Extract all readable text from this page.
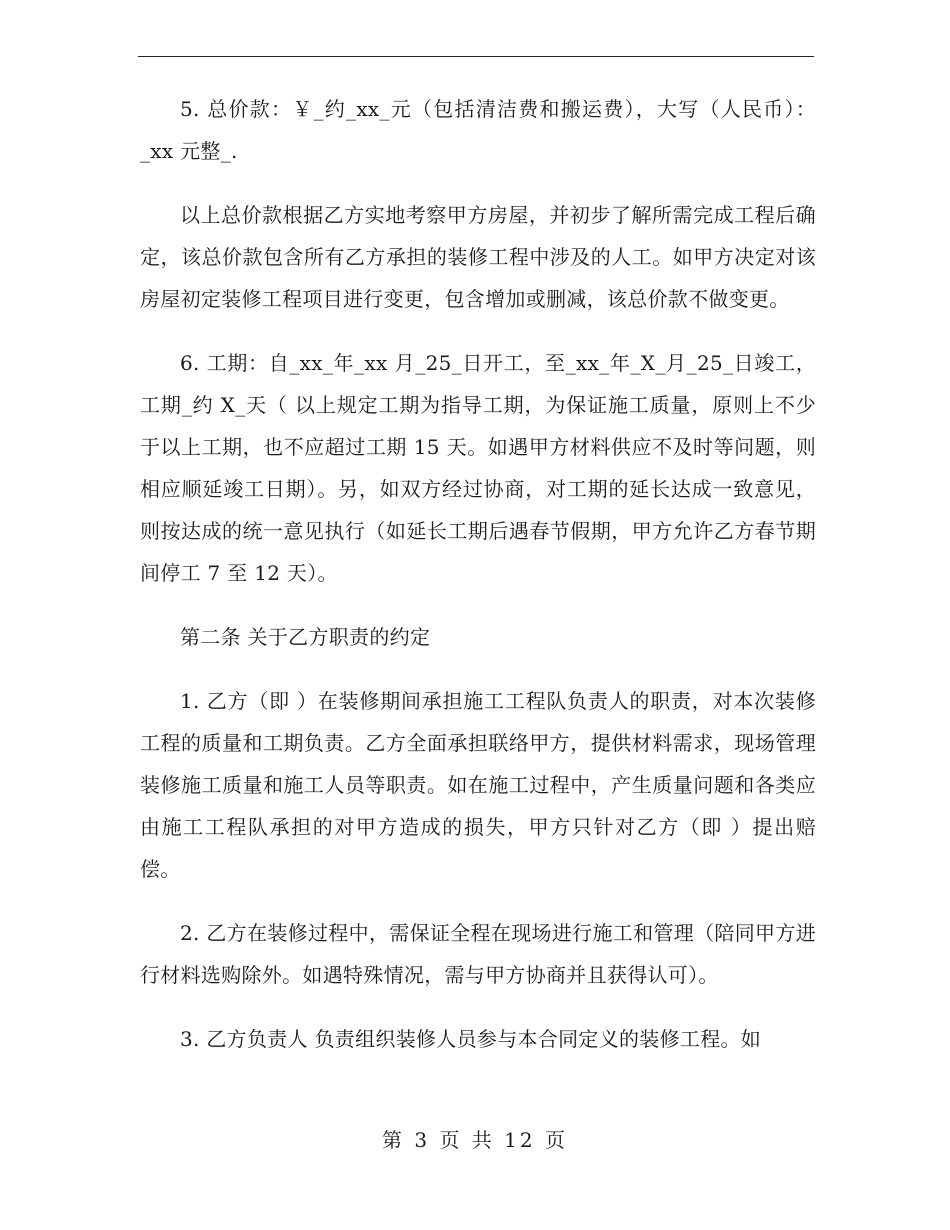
5. 总价款：￥_约_xx_元（包括清洁费和搬运费），大写（人民币）：_xx 元整_.

以上总价款根据乙方实地考察甲方房屋，并初步了解所需完成工程后确定，该总价款包含所有乙方承担的装修工程中涉及的人工。如甲方决定对该房屋初定装修工程项目进行变更，包含增加或删减，该总价款不做变更。

6. 工期：自_xx_年_xx 月_25_日开工，至_xx_年_X_月_25_日竣工，工期_约 X_天（ 以上规定工期为指导工期，为保证施工质量，原则上不少于以上工期，也不应超过工期 15 天。如遇甲方材料供应不及时等问题，则相应顺延竣工日期）。另，如双方经过协商，对工期的延长达成一致意见，则按达成的统一意见执行（如延长工期后遇春节假期，甲方允许乙方春节期间停工 7 至 12 天）。

第二条 关于乙方职责的约定

1. 乙方（即 ）在装修期间承担施工工程队负责人的职责，对本次装修工程的质量和工期负责。乙方全面承担联络甲方，提供材料需求，现场管理装修施工质量和施工人员等职责。如在施工过程中，产生质量问题和各类应由施工工程队承担的对甲方造成的损失，甲方只针对乙方（即 ）提出赔偿。

2. 乙方在装修过程中，需保证全程在现场进行施工和管理（陪同甲方进行材料选购除外。如遇特殊情况，需与甲方协商并且获得认可）。

3. 乙方负责人 负责组织装修人员参与本合同定义的装修工程。如

第 3 页 共 12 页
